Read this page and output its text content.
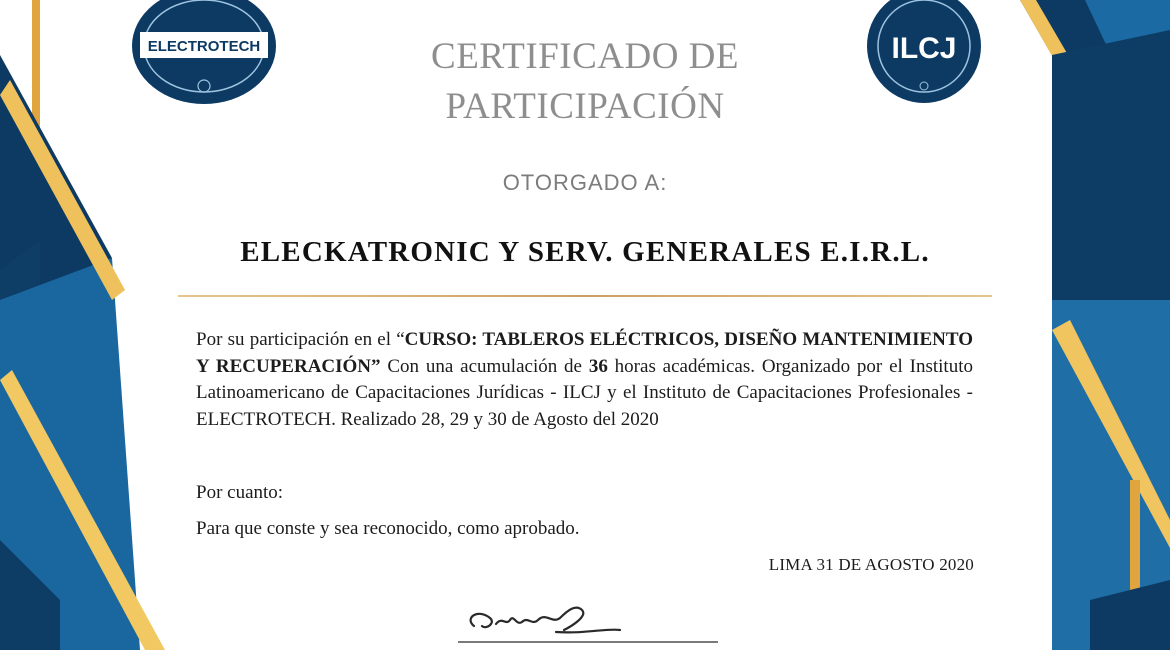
ELECTROTECH	ILCJ
CERTIFICADO DE
PARTICIPACIÓN
OTORGADO A:
ELECKATRONIC Y SERV. GENERALES E.I.R.L.

Por su participación en el “CURSO: TABLEROS ELÉCTRICOS, DISEÑO MANTENIMIENTO Y RECUPERACIÓN” Con una acumulación de 36 horas académicas. Organizado por el Instituto Latinoamericano de Capacitaciones Jurídicas - ILCJ y el Instituto de Capacitaciones Profesionales - ELECTROTECH. Realizado 28, 29 y 30 de Agosto del 2020

Por cuanto:

Para que conste y sea reconocido, como aprobado.

LIMA 31 DE AGOSTO 2020
